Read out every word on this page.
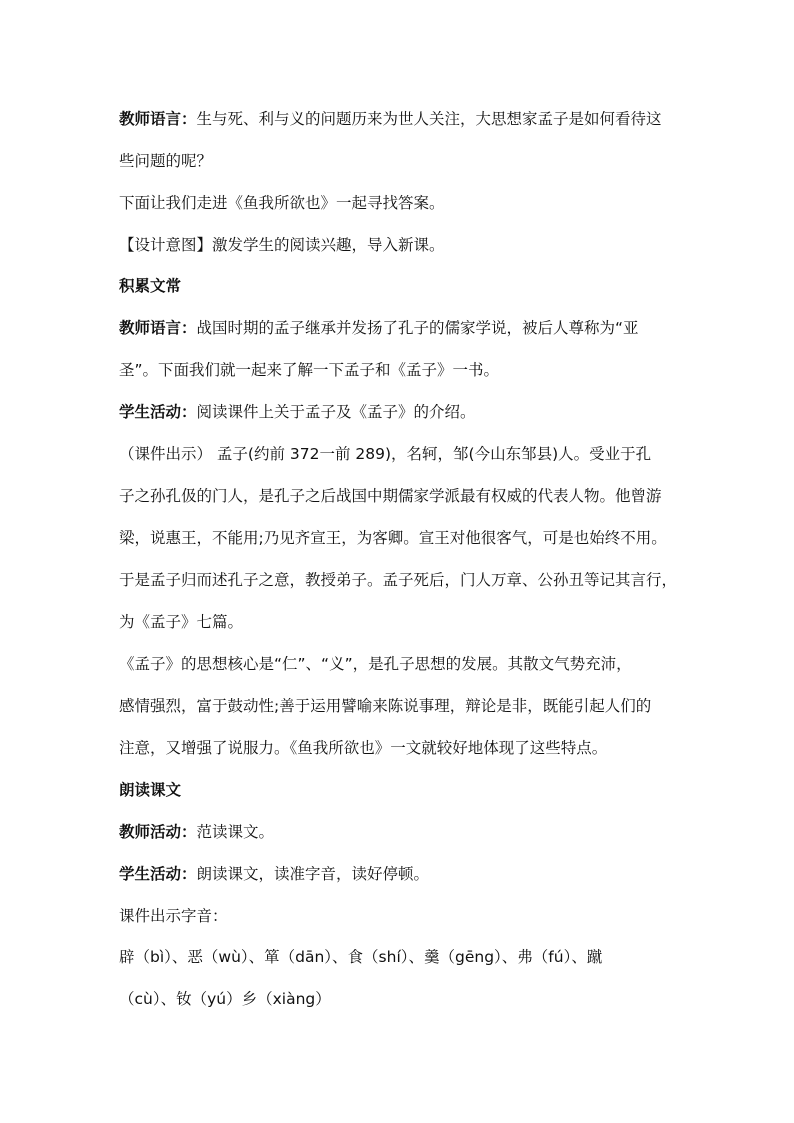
教师语言：生与死、利与义的问题历来为世人关注，大思想家孟子是如何看待这
些问题的呢？
下面让我们走进《鱼我所欲也》一起寻找答案。
【设计意图】激发学生的阅读兴趣，导入新课。
积累文常
教师语言：战国时期的孟子继承并发扬了孔子的儒家学说，被后人尊称为“亚
圣”。下面我们就一起来了解一下孟子和《孟子》一书。
学生活动：阅读课件上关于孟子及《孟子》的介绍。
（课件出示） 孟子(约前 372一前 289)，名轲，邹(今山东邹县)人。受业于孔
子之孙孔伋的门人，是孔子之后战国中期儒家学派最有权威的代表人物。他曾游
梁，说惠王，不能用;乃见齐宣王，为客卿。宣王对他很客气，可是也始终不用。
于是孟子归而述孔子之意，教授弟子。孟子死后，门人万章、公孙丑等记其言行，
为《孟子》七篇。
《孟子》的思想核心是“仁”、“义”，是孔子思想的发展。其散文气势充沛，
感情强烈，富于鼓动性;善于运用譬喻来陈说事理，辩论是非，既能引起人们的
注意，又增强了说服力。《鱼我所欲也》一文就较好地体现了这些特点。
朗读课文
教师活动：范读课文。
学生活动：朗读课文，读准字音，读好停顿。
课件出示字音：
辟（bì）、恶（wù）、箪（dān）、食（shí）、羹（gēng）、弗（fú）、蹴
（cù）、钕（yú）乡（xiàng）
